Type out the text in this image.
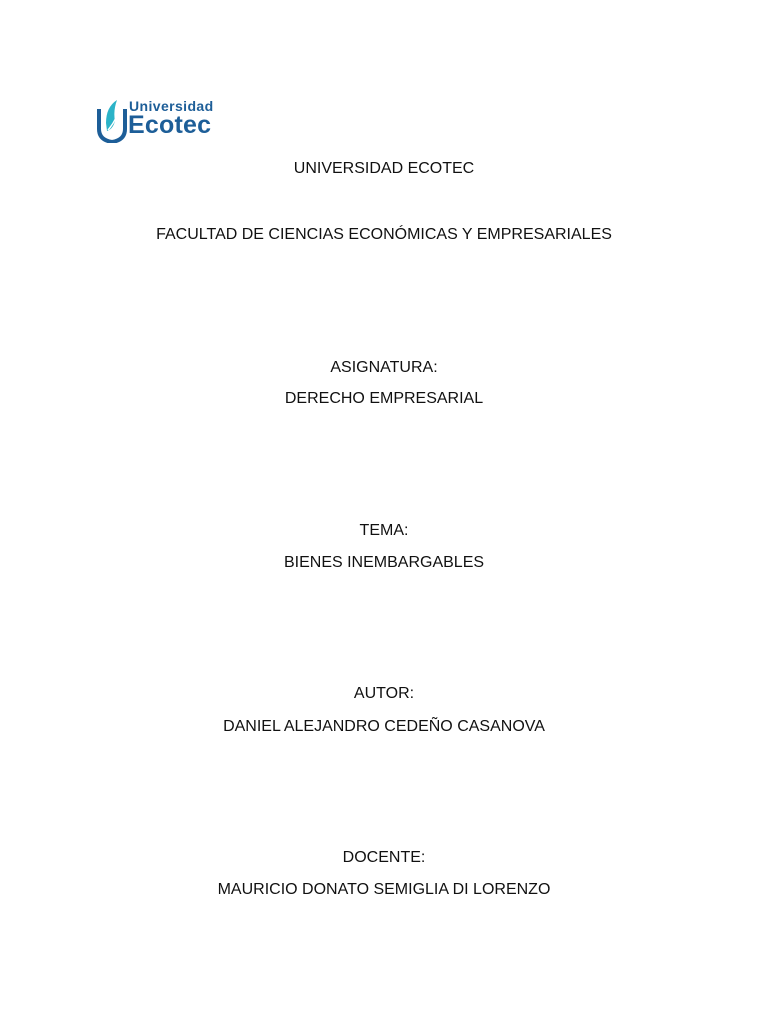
Universidad
Ecotec
UNIVERSIDAD ECOTEC
FACULTAD DE CIENCIAS ECONÓMICAS Y EMPRESARIALES
ASIGNATURA:
DERECHO EMPRESARIAL
TEMA:
BIENES INEMBARGABLES
AUTOR:
DANIEL ALEJANDRO CEDEÑO CASANOVA
DOCENTE:
MAURICIO DONATO SEMIGLIA DI LORENZO
